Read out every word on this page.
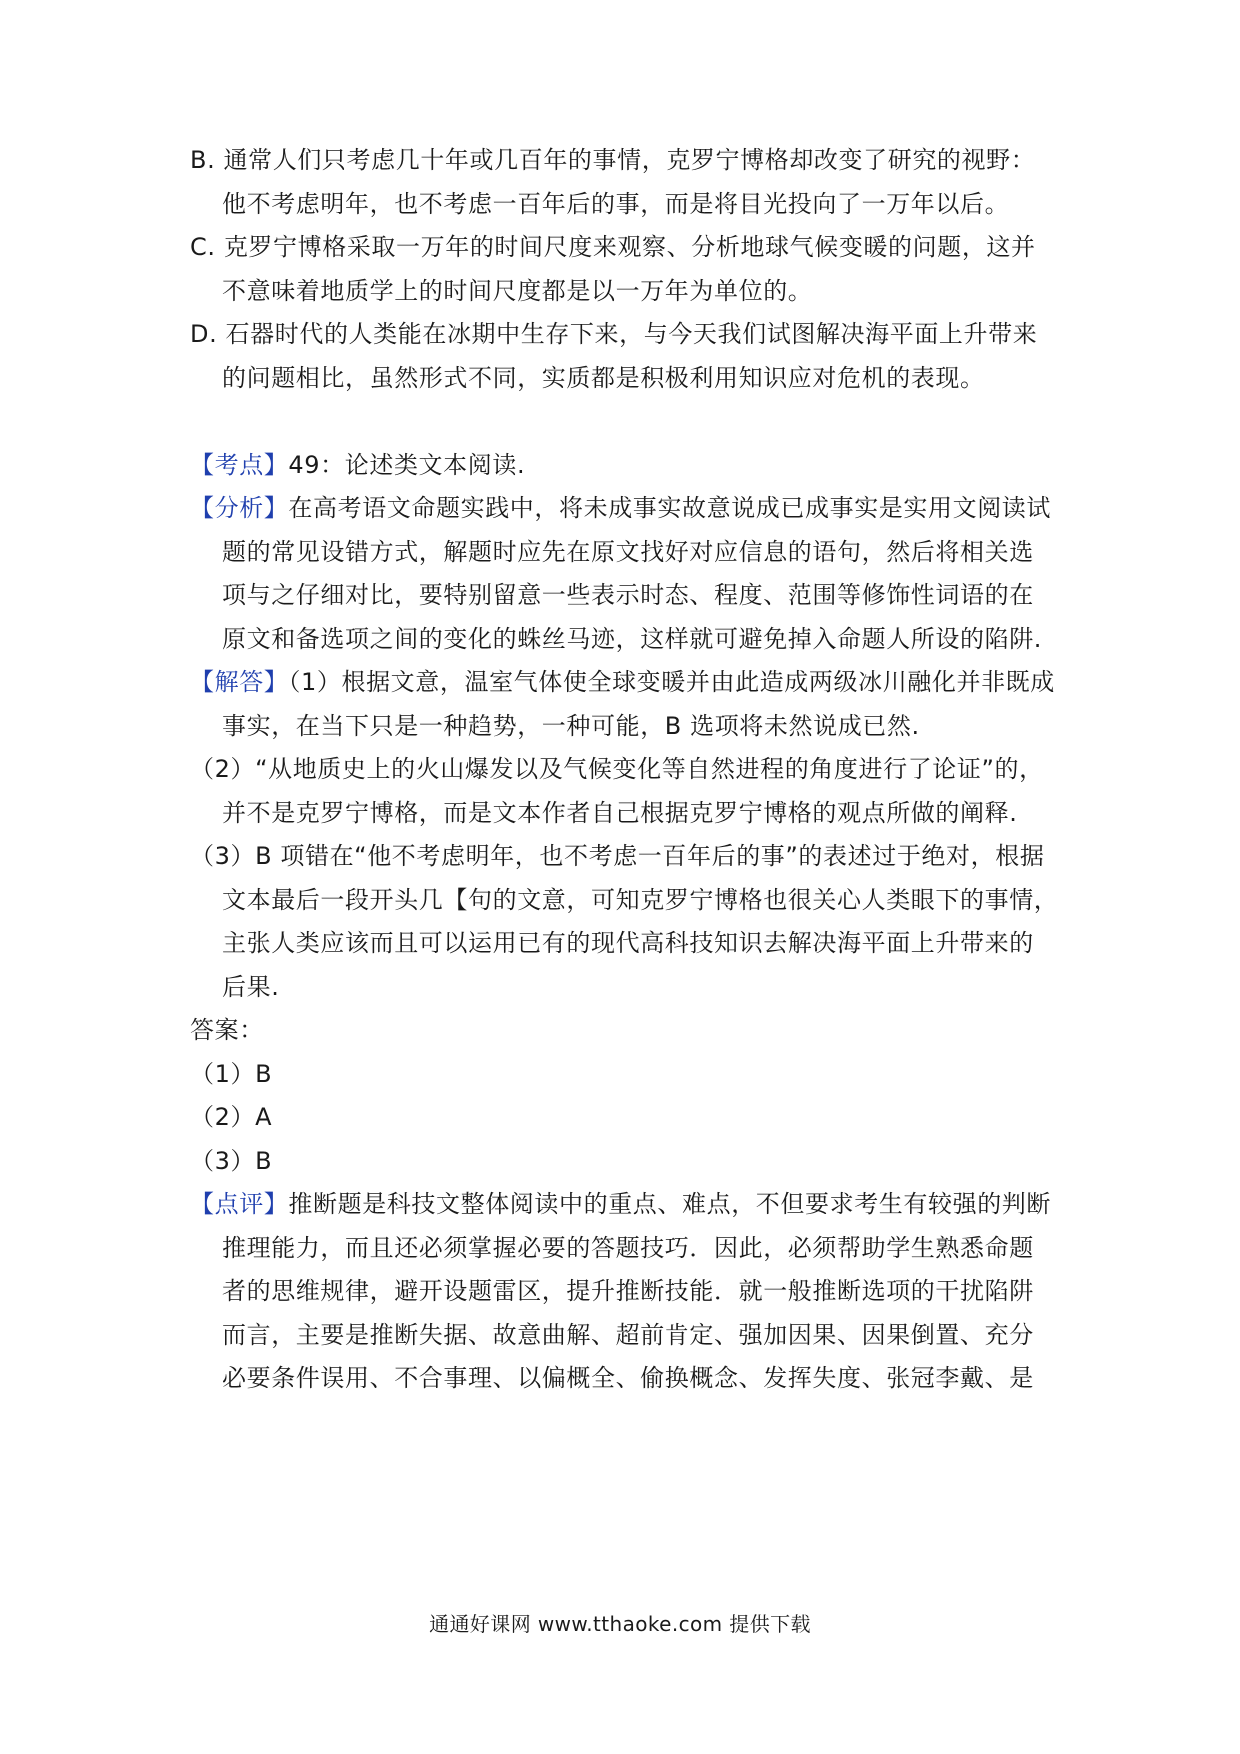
B. 通常人们只考虑几十年或几百年的事情，克罗宁博格却改变了研究的视野：
他不考虑明年，也不考虑一百年后的事，而是将目光投向了一万年以后。
C. 克罗宁博格采取一万年的时间尺度来观察、分析地球气候变暖的问题，这并
不意味着地质学上的时间尺度都是以一万年为单位的。
D. 石器时代的人类能在冰期中生存下来，与今天我们试图解决海平面上升带来
的问题相比，虽然形式不同，实质都是积极利用知识应对危机的表现。
【考点】49：论述类文本阅读.
【分析】在高考语文命题实践中，将未成事实故意说成已成事实是实用文阅读试
题的常见设错方式，解题时应先在原文找好对应信息的语句，然后将相关选
项与之仔细对比，要特别留意一些表示时态、程度、范围等修饰性词语的在
原文和备选项之间的变化的蛛丝马迹，这样就可避免掉入命题人所设的陷阱.
【解答】（1）根据文意，温室气体使全球变暖并由此造成两级冰川融化并非既成
事实，在当下只是一种趋势，一种可能，B 选项将未然说成已然.
（2）“从地质史上的火山爆发以及气候变化等自然进程的角度进行了论证”的，
并不是克罗宁博格，而是文本作者自己根据克罗宁博格的观点所做的阐释.
（3）B 项错在“他不考虑明年，也不考虑一百年后的事”的表述过于绝对，根据
文本最后一段开头几【句的文意，可知克罗宁博格也很关心人类眼下的事情，
主张人类应该而且可以运用已有的现代高科技知识去解决海平面上升带来的
后果.
答案：
（1）B
（2）A
（3）B
【点评】推断题是科技文整体阅读中的重点、难点，不但要求考生有较强的判断
推理能力，而且还必须掌握必要的答题技巧．因此，必须帮助学生熟悉命题
者的思维规律，避开设题雷区，提升推断技能．就一般推断选项的干扰陷阱
而言，主要是推断失据、故意曲解、超前肯定、强加因果、因果倒置、充分
必要条件误用、不合事理、以偏概全、偷换概念、发挥失度、张冠李戴、是
通通好课网 www.tthaoke.com 提供下载
